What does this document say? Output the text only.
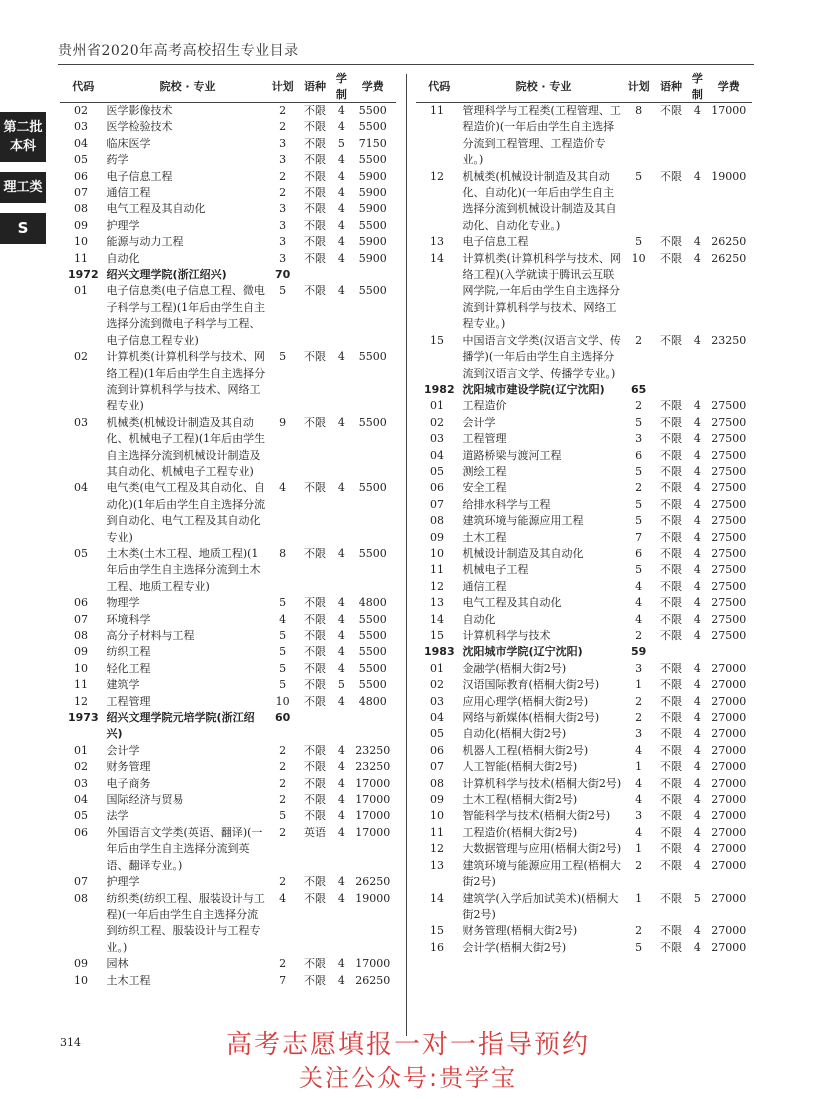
贵州省2020年高考高校招生专业目录
第二批本科
理工类
S
代码	院校 · 专业	计划	语种	学制	学费
02	医学影像技术	2	不限	4	5500
03	医学检验技术	2	不限	4	5500
04	临床医学	3	不限	5	7150
05	药学	3	不限	4	5500
06	电子信息工程	2	不限	4	5900
07	通信工程	2	不限	4	5900
08	电气工程及其自动化	3	不限	4	5900
09	护理学	3	不限	4	5500
10	能源与动力工程	3	不限	4	5900
11	自动化	3	不限	4	5900
1972	绍兴文理学院(浙江绍兴)	70			
01	电子信息类(电子信息工程、微电子科学与工程)(1年后由学生自主选择分流到微电子科学与工程、电子信息工程专业)	5	不限	4	5500
02	计算机类(计算机科学与技术、网络工程)(1年后由学生自主选择分流到计算机科学与技术、网络工程专业)	5	不限	4	5500
03	机械类(机械设计制造及其自动化、机械电子工程)(1年后由学生自主选择分流到机械设计制造及其自动化、机械电子工程专业)	9	不限	4	5500
04	电气类(电气工程及其自动化、自动化)(1年后由学生自主选择分流到自动化、电气工程及其自动化专业)	4	不限	4	5500
05	土木类(土木工程、地质工程)(1年后由学生自主选择分流到土木工程、地质工程专业)	8	不限	4	5500
06	物理学	5	不限	4	4800
07	环境科学	4	不限	4	5500
08	高分子材料与工程	5	不限	4	5500
09	纺织工程	5	不限	4	5500
10	轻化工程	5	不限	4	5500
11	建筑学	5	不限	5	5500
12	工程管理	10	不限	4	4800
1973	绍兴文理学院元培学院(浙江绍兴)	60			
01	会计学	2	不限	4	23250
02	财务管理	2	不限	4	23250
03	电子商务	2	不限	4	17000
04	国际经济与贸易	2	不限	4	17000
05	法学	5	不限	4	17000
06	外国语言文学类(英语、翻译)(一年后由学生自主选择分流到英语、翻译专业。)	2	英语	4	17000
07	护理学	2	不限	4	26250
08	纺织类(纺织工程、服装设计与工程)(一年后由学生自主选择分流到纺织工程、服装设计与工程专业。)	4	不限	4	19000
09	园林	2	不限	4	17000
10	土木工程	7	不限	4	26250
代码	院校 · 专业	计划	语种	学制	学费
11	管理科学与工程类(工程管理、工程造价)(一年后由学生自主选择分流到工程管理、工程造价专业。)	8	不限	4	17000
12	机械类(机械设计制造及其自动化、自动化)(一年后由学生自主选择分流到机械设计制造及其自动化、自动化专业。)	5	不限	4	19000
13	电子信息工程	5	不限	4	26250
14	计算机类(计算机科学与技术、网络工程)(入学就读于腾讯云互联网学院,一年后由学生自主选择分流到计算机科学与技术、网络工程专业。)	10	不限	4	26250
15	中国语言文学类(汉语言文学、传播学)(一年后由学生自主选择分流到汉语言文学、传播学专业。)	2	不限	4	23250
1982	沈阳城市建设学院(辽宁沈阳)	65			
01	工程造价	2	不限	4	27500
02	会计学	5	不限	4	27500
03	工程管理	3	不限	4	27500
04	道路桥梁与渡河工程	6	不限	4	27500
05	测绘工程	5	不限	4	27500
06	安全工程	2	不限	4	27500
07	给排水科学与工程	5	不限	4	27500
08	建筑环境与能源应用工程	5	不限	4	27500
09	土木工程	7	不限	4	27500
10	机械设计制造及其自动化	6	不限	4	27500
11	机械电子工程	5	不限	4	27500
12	通信工程	4	不限	4	27500
13	电气工程及其自动化	4	不限	4	27500
14	自动化	4	不限	4	27500
15	计算机科学与技术	2	不限	4	27500
1983	沈阳城市学院(辽宁沈阳)	59			
01	金融学(梧桐大街2号)	3	不限	4	27000
02	汉语国际教育(梧桐大街2号)	1	不限	4	27000
03	应用心理学(梧桐大街2号)	2	不限	4	27000
04	网络与新媒体(梧桐大街2号)	2	不限	4	27000
05	自动化(梧桐大街2号)	3	不限	4	27000
06	机器人工程(梧桐大街2号)	4	不限	4	27000
07	人工智能(梧桐大街2号)	1	不限	4	27000
08	计算机科学与技术(梧桐大街2号)	4	不限	4	27000
09	土木工程(梧桐大街2号)	4	不限	4	27000
10	智能科学与技术(梧桐大街2号)	3	不限	4	27000
11	工程造价(梧桐大街2号)	4	不限	4	27000
12	大数据管理与应用(梧桐大街2号)	1	不限	4	27000
13	建筑环境与能源应用工程(梧桐大街2号)	2	不限	4	27000
14	建筑学(入学后加试美术)(梧桐大街2号)	1	不限	5	27000
15	财务管理(梧桐大街2号)	2	不限	4	27000
16	会计学(梧桐大街2号)	5	不限	4	27000
314	高考志愿填报一对一指导预约
关注公众号:贵学宝
